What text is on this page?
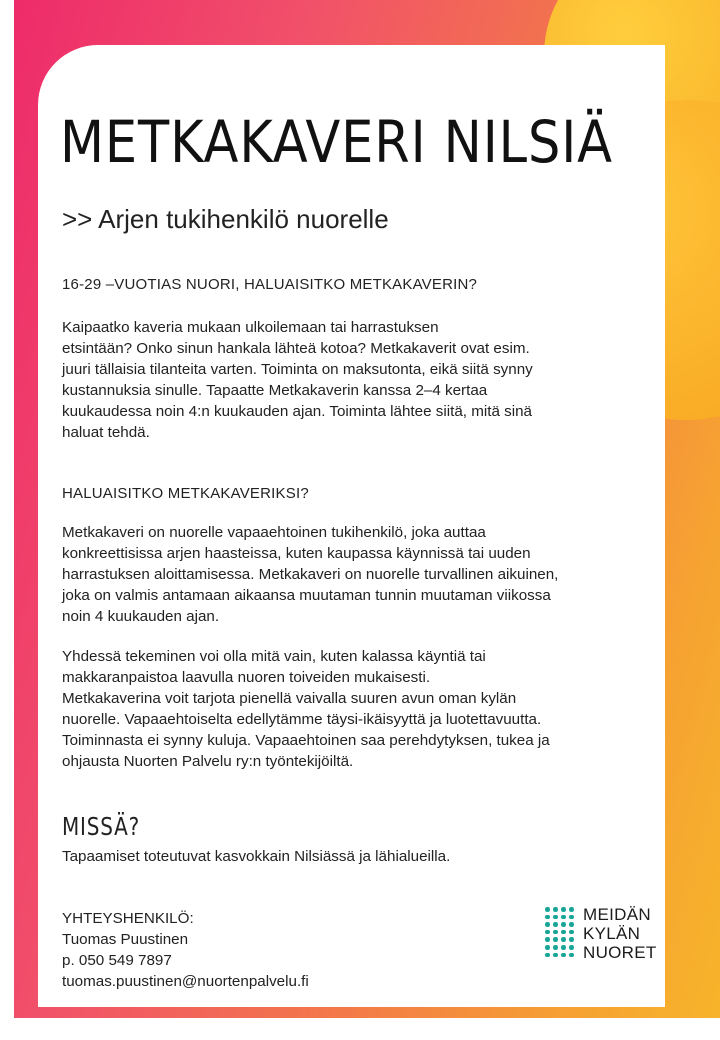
METKAKAVERI NILSIÄ

>> Arjen tukihenkilö nuorelle

16-29 –VUOTIAS NUORI, HALUAISITKO METKAKAVERIN?

Kaipaatko kaveria mukaan ulkoilemaan tai harrastuksen
etsintään? Onko sinun hankala lähteä kotoa? Metkakaverit ovat esim.
juuri tällaisia tilanteita varten. Toiminta on maksutonta, eikä siitä synny
kustannuksia sinulle. Tapaatte Metkakaverin kanssa 2–4 kertaa
kuukaudessa noin 4:n kuukauden ajan. Toiminta lähtee siitä, mitä sinä
haluat tehdä.

HALUAISITKO METKAKAVERIKSI?

Metkakaveri on nuorelle vapaaehtoinen tukihenkilö, joka auttaa
konkreettisissa arjen haasteissa, kuten kaupassa käynnissä tai uuden
harrastuksen aloittamisessa. Metkakaveri on nuorelle turvallinen aikuinen,
joka on valmis antamaan aikaansa muutaman tunnin muutaman viikossa
noin 4 kuukauden ajan.

Yhdessä tekeminen voi olla mitä vain, kuten kalassa käyntiä tai
makkaranpaistoa laavulla nuoren toiveiden mukaisesti.
Metkakaverina voit tarjota pienellä vaivalla suuren avun oman kylän
nuorelle. Vapaaehtoiselta edellytämme täysi-ikäisyyttä ja luotettavuutta.
Toiminnasta ei synny kuluja. Vapaaehtoinen saa perehdytyksen, tukea ja
ohjausta Nuorten Palvelu ry:n työntekijöiltä.

MISSÄ?

Tapaamiset toteutuvat kasvokkain Nilsiässä ja lähialueilla.

YHTEYSHENKILÖ:

Tuomas Puustinen

p. 050 549 7897

tuomas.puustinen@nuortenpalvelu.fi

MEIDÄN
KYLÄN
NUORET
